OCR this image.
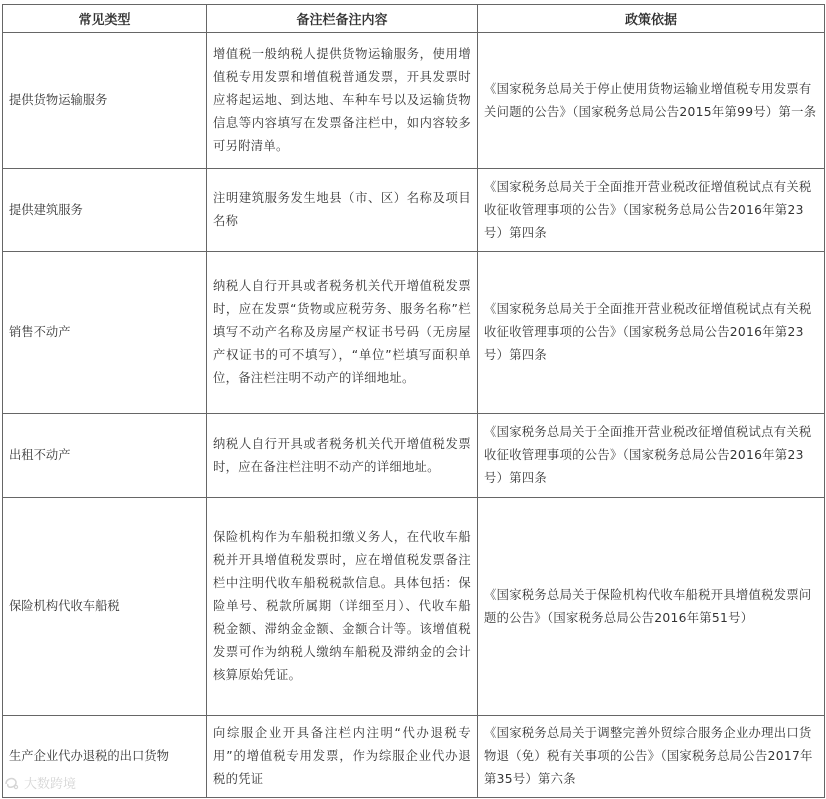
常见类型	备注栏备注内容	政策依据
提供货物运输服务	增值税一般纳税人提供货物运输服务，使用增值税专用发票和增值税普通发票，开具发票时应将起运地、到达地、车种车号以及运输货物信息等内容填写在发票备注栏中，如内容较多可另附清单。	《国家税务总局关于停止使用货物运输业增值税专用发票有关问题的公告》（国家税务总局公告2015年第99号）第一条
提供建筑服务	注明建筑服务发生地县（市、区）名称及项目名称	《国家税务总局关于全面推开营业税改征增值税试点有关税收征收管理事项的公告》（国家税务总局公告2016年第23号）第四条
销售不动产	纳税人自行开具或者税务机关代开增值税发票时，应在发票“货物或应税劳务、服务名称”栏填写不动产名称及房屋产权证书号码（无房屋产权证书的可不填写），“单位”栏填写面积单位，备注栏注明不动产的详细地址。	《国家税务总局关于全面推开营业税改征增值税试点有关税收征收管理事项的公告》（国家税务总局公告2016年第23号）第四条
出租不动产	纳税人自行开具或者税务机关代开增值税发票时，应在备注栏注明不动产的详细地址。	《国家税务总局关于全面推开营业税改征增值税试点有关税收征收管理事项的公告》（国家税务总局公告2016年第23号）第四条
保险机构代收车船税	保险机构作为车船税扣缴义务人，在代收车船税并开具增值税发票时，应在增值税发票备注栏中注明代收车船税税款信息。具体包括：保险单号、税款所属期（详细至月）、代收车船税金额、滞纳金金额、金额合计等。该增值税发票可作为纳税人缴纳车船税及滞纳金的会计核算原始凭证。	《国家税务总局关于保险机构代收车船税开具增值税发票问题的公告》（国家税务总局公告2016年第51号）
生产企业代办退税的出口货物	向综服企业开具备注栏内注明“代办退税专用”的增值税专用发票，作为综服企业代办退税的凭证	《国家税务总局关于调整完善外贸综合服务企业办理出口货物退（免）税有关事项的公告》（国家税务总局公告2017年第35号）第六条
大数跨境
